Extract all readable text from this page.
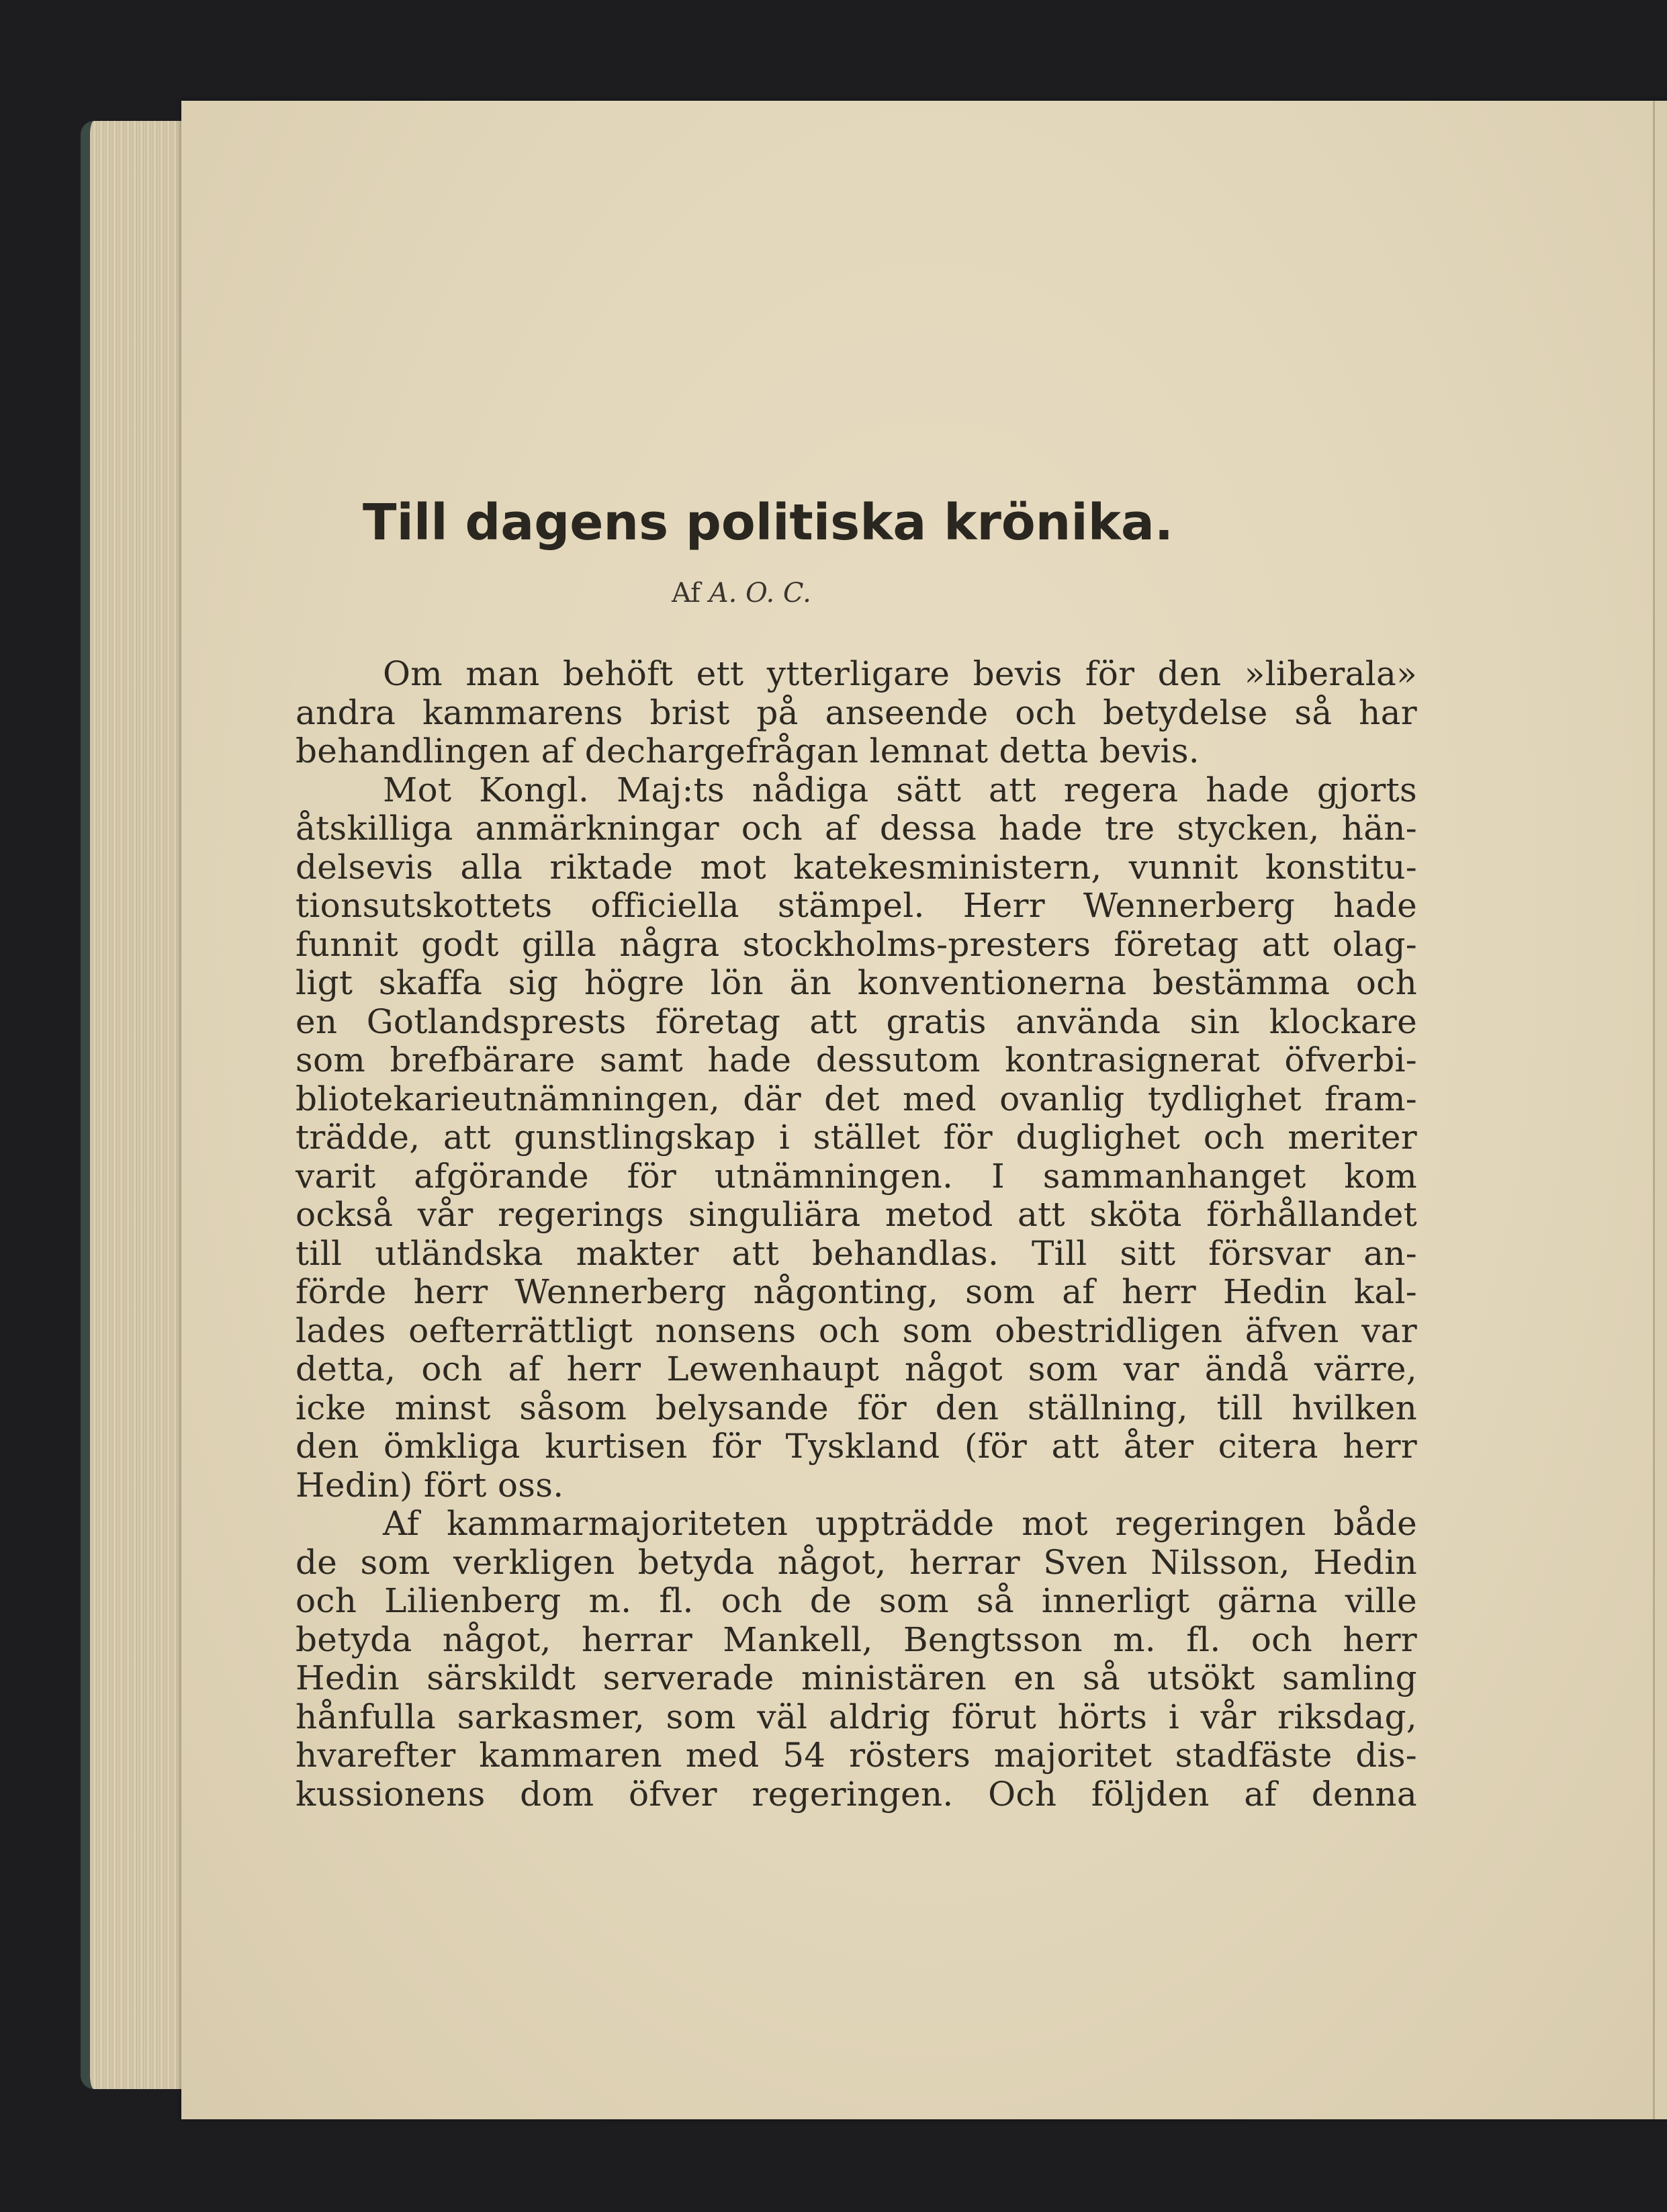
Till dagens politiska krönika.

Af A. O. C.

Om man behöft ett ytterligare bevis för den »liberala»
andra kammarens brist på anseende och betydelse så har
behandlingen af dechargefrågan lemnat detta bevis.
Mot Kongl. Maj:ts nådiga sätt att regera hade gjorts
åtskilliga anmärkningar och af dessa hade tre stycken, hän-
delsevis alla riktade mot katekesministern, vunnit konstitu-
tionsutskottets officiella stämpel. Herr Wennerberg hade
funnit godt gilla några stockholms-presters företag att olag-
ligt skaffa sig högre lön än konventionerna bestämma och
en Gotlandsprests företag att gratis använda sin klockare
som brefbärare samt hade dessutom kontrasignerat öfverbi-
bliotekarieutnämningen, där det med ovanlig tydlighet fram-
trädde, att gunstlingskap i stället för duglighet och meriter
varit afgörande för utnämningen. I sammanhanget kom
också vår regerings singuliära metod att sköta förhållandet
till utländska makter att behandlas. Till sitt försvar an-
förde herr Wennerberg någonting, som af herr Hedin kal-
lades oefterrättligt nonsens och som obestridligen äfven var
detta, och af herr Lewenhaupt något som var ändå värre,
icke minst såsom belysande för den ställning, till hvilken
den ömkliga kurtisen för Tyskland (för att åter citera herr
Hedin) fört oss.
Af kammarmajoriteten uppträdde mot regeringen både
de som verkligen betyda något, herrar Sven Nilsson, Hedin
och Lilienberg m. fl. och de som så innerligt gärna ville
betyda något, herrar Mankell, Bengtsson m. fl. och herr
Hedin särskildt serverade ministären en så utsökt samling
hånfulla sarkasmer, som väl aldrig förut hörts i vår riksdag,
hvarefter kammaren med 54 rösters majoritet stadfäste dis-
kussionens dom öfver regeringen. Och följden af denna
